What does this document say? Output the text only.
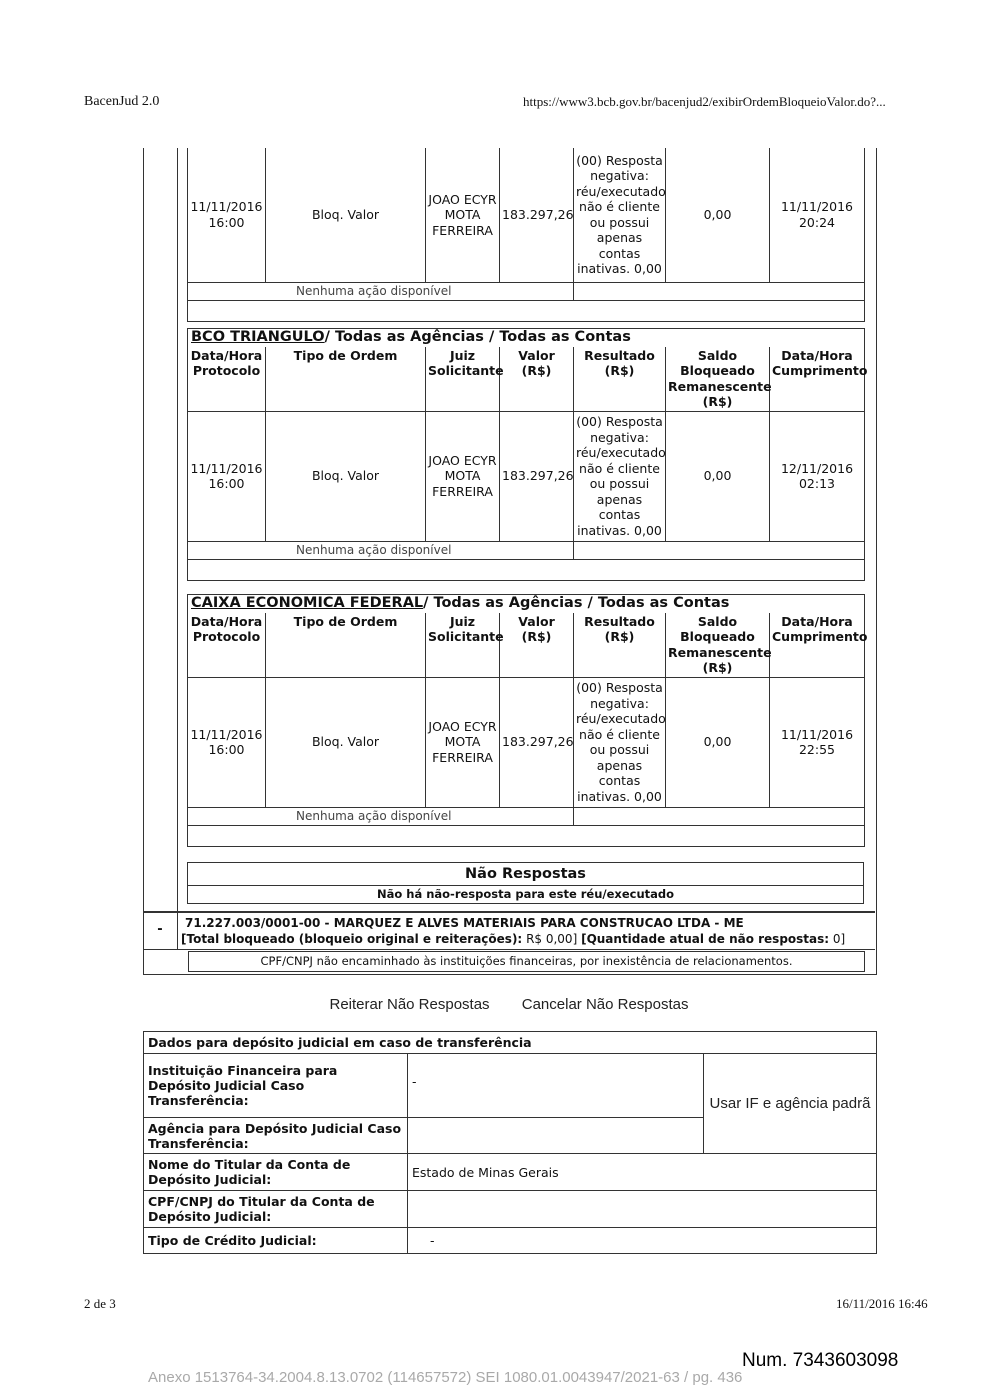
BacenJud 2.0	https://www3.bcb.gov.br/bacenjud2/exibirOrdemBloqueioValor.do?...
11/11/2016 16:00	Bloq. Valor	JOAO ECYR MOTA FERREIRA	183.297,26	(00) Resposta negativa: réu/executado não é cliente ou possui apenas contas inativas. 0,00	0,00	11/11/2016 20:24
Nenhuma ação disponível						

BCO TRIANGULO/ Todas as Agências / Todas as Contas						
Data/Hora Protocolo	Tipo de Ordem	Juiz Solicitante	Valor (R$)	Resultado (R$)	Saldo Bloqueado Remanescente (R$)	Data/Hora Cumprimento
11/11/2016 16:00	Bloq. Valor	JOAO ECYR MOTA FERREIRA	183.297,26	(00) Resposta negativa: réu/executado não é cliente ou possui apenas contas inativas. 0,00	0,00	12/11/2016 02:13
Nenhuma ação disponível						

CAIXA ECONOMICA FEDERAL/ Todas as Agências / Todas as Contas						
Data/Hora Protocolo	Tipo de Ordem	Juiz Solicitante	Valor (R$)	Resultado (R$)	Saldo Bloqueado Remanescente (R$)	Data/Hora Cumprimento
11/11/2016 16:00	Bloq. Valor	JOAO ECYR MOTA FERREIRA	183.297,26	(00) Resposta negativa: réu/executado não é cliente ou possui apenas contas inativas. 0,00	0,00	11/11/2016 22:55
Nenhuma ação disponível						

Não Respostas
Não há não-resposta para este réu/executado
-	71.227.003/0001-00 - MARQUEZ E ALVES MATERIAIS PARA CONSTRUCAO LTDA - ME
[Total bloqueado (bloqueio original e reiterações): R$ 0,00] [Quantidade atual de não respostas: 0]
CPF/CNPJ não encaminhado às instituições financeiras, por inexistência de relacionamentos.
Reiterar Não Respostas Cancelar Não Respostas
Dados para depósito judicial em caso de transferência		
Instituição Financeira para Depósito Judicial Caso Transferência:	-	Usar IF e agência padrã
Agência para Depósito Judicial Caso Transferência:		
Nome do Titular da Conta de Depósito Judicial:	Estado de Minas Gerais	
CPF/CNPJ do Titular da Conta de Depósito Judicial:		
Tipo de Crédito Judicial:	-	
2 de 3	16/11/2016 16:46
Num. 7343603098
Anexo 1513764-34.2004.8.13.0702 (114657572) SEI 1080.01.0043947/2021-63 / pg. 436
